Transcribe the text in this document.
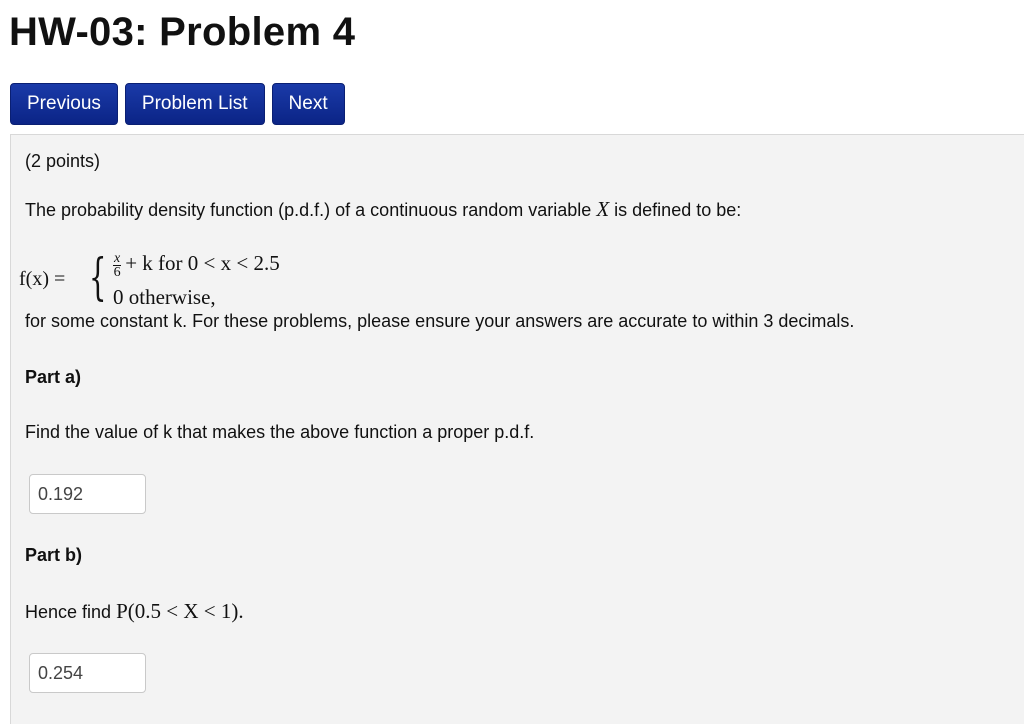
HW-03: Problem 4
Previous	Problem List	Next
(2 points)
The probability density function (p.d.f.) of a continuous random variable X is defined to be:
f(x) = { $\frac{x}{6} + k$ for 0 < x < 2.5
0 otherwise,
for some constant k. For these problems, please ensure your answers are accurate to within 3 decimals.
Part a)
Find the value of k that makes the above function a proper p.d.f.
0.192
Part b)
Hence find P(0.5 < X < 1).
0.254
